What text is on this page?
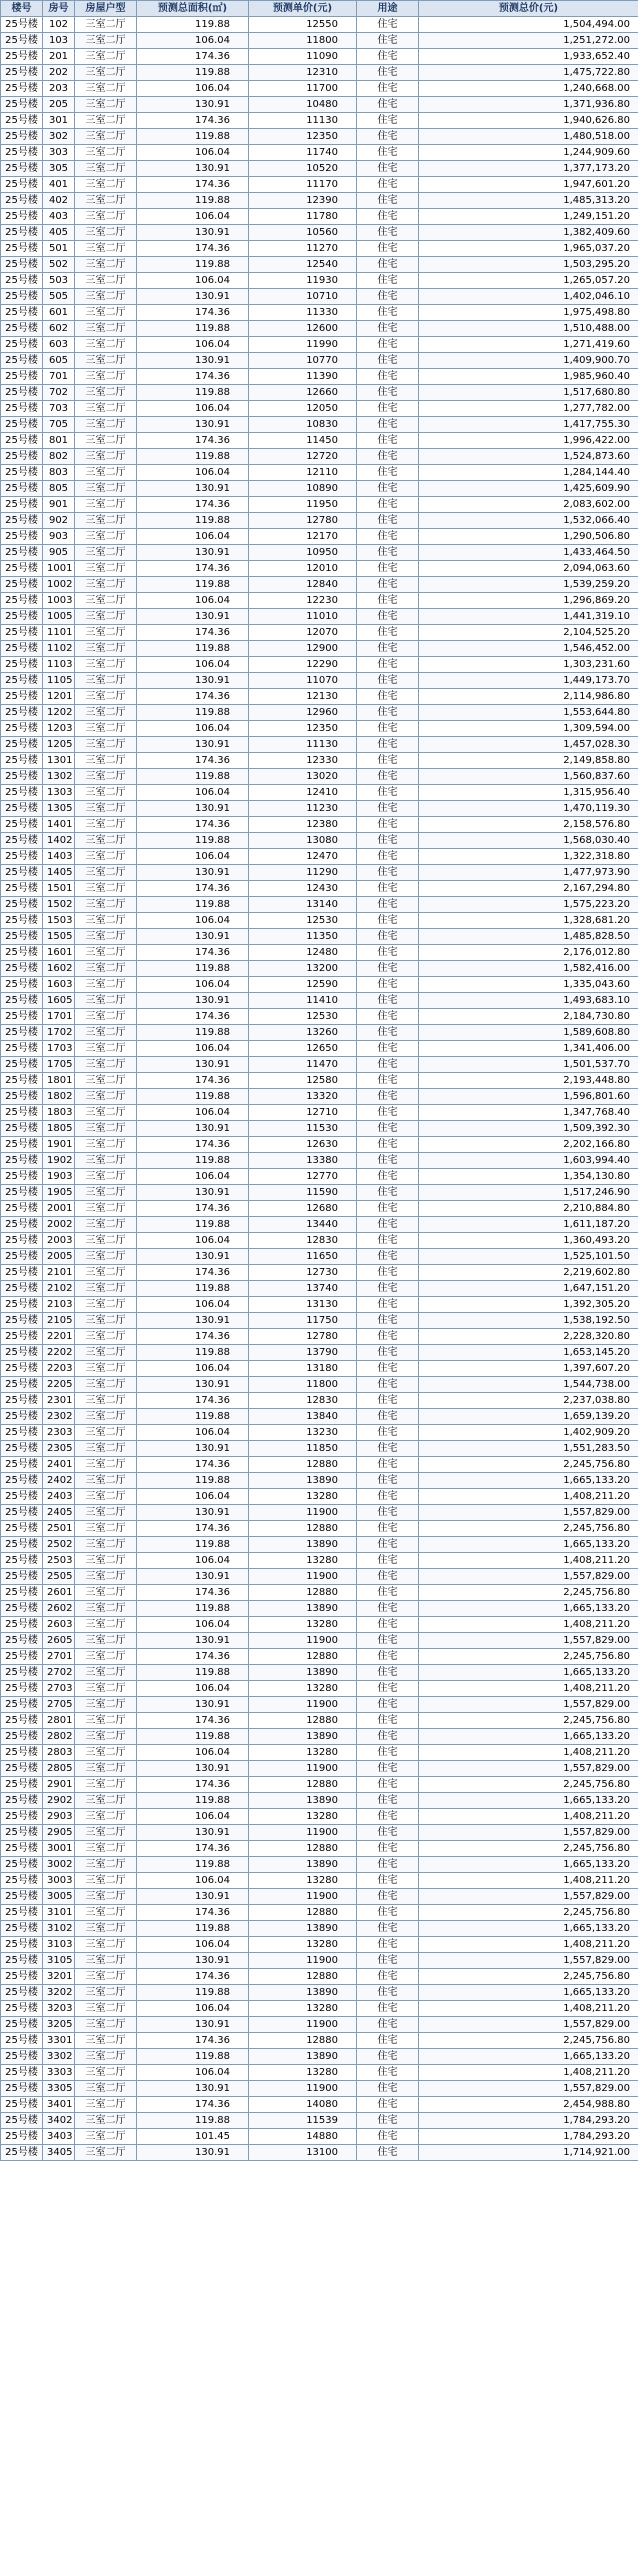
楼号	房号	房屋户型	预测总面积(㎡)	预测单价(元)	用途	预测总价(元)
25号楼	102	三室二厅	119.88	12550	住宅	1,504,494.00
25号楼	103	三室二厅	106.04	11800	住宅	1,251,272.00
25号楼	201	三室二厅	174.36	11090	住宅	1,933,652.40
25号楼	202	三室二厅	119.88	12310	住宅	1,475,722.80
25号楼	203	三室二厅	106.04	11700	住宅	1,240,668.00
25号楼	205	三室二厅	130.91	10480	住宅	1,371,936.80
25号楼	301	三室二厅	174.36	11130	住宅	1,940,626.80
25号楼	302	三室二厅	119.88	12350	住宅	1,480,518.00
25号楼	303	三室二厅	106.04	11740	住宅	1,244,909.60
25号楼	305	三室二厅	130.91	10520	住宅	1,377,173.20
25号楼	401	三室二厅	174.36	11170	住宅	1,947,601.20
25号楼	402	三室二厅	119.88	12390	住宅	1,485,313.20
25号楼	403	三室二厅	106.04	11780	住宅	1,249,151.20
25号楼	405	三室二厅	130.91	10560	住宅	1,382,409.60
25号楼	501	三室二厅	174.36	11270	住宅	1,965,037.20
25号楼	502	三室二厅	119.88	12540	住宅	1,503,295.20
25号楼	503	三室二厅	106.04	11930	住宅	1,265,057.20
25号楼	505	三室二厅	130.91	10710	住宅	1,402,046.10
25号楼	601	三室二厅	174.36	11330	住宅	1,975,498.80
25号楼	602	三室二厅	119.88	12600	住宅	1,510,488.00
25号楼	603	三室二厅	106.04	11990	住宅	1,271,419.60
25号楼	605	三室二厅	130.91	10770	住宅	1,409,900.70
25号楼	701	三室二厅	174.36	11390	住宅	1,985,960.40
25号楼	702	三室二厅	119.88	12660	住宅	1,517,680.80
25号楼	703	三室二厅	106.04	12050	住宅	1,277,782.00
25号楼	705	三室二厅	130.91	10830	住宅	1,417,755.30
25号楼	801	三室二厅	174.36	11450	住宅	1,996,422.00
25号楼	802	三室二厅	119.88	12720	住宅	1,524,873.60
25号楼	803	三室二厅	106.04	12110	住宅	1,284,144.40
25号楼	805	三室二厅	130.91	10890	住宅	1,425,609.90
25号楼	901	三室二厅	174.36	11950	住宅	2,083,602.00
25号楼	902	三室二厅	119.88	12780	住宅	1,532,066.40
25号楼	903	三室二厅	106.04	12170	住宅	1,290,506.80
25号楼	905	三室二厅	130.91	10950	住宅	1,433,464.50
25号楼	1001	三室二厅	174.36	12010	住宅	2,094,063.60
25号楼	1002	三室二厅	119.88	12840	住宅	1,539,259.20
25号楼	1003	三室二厅	106.04	12230	住宅	1,296,869.20
25号楼	1005	三室二厅	130.91	11010	住宅	1,441,319.10
25号楼	1101	三室二厅	174.36	12070	住宅	2,104,525.20
25号楼	1102	三室二厅	119.88	12900	住宅	1,546,452.00
25号楼	1103	三室二厅	106.04	12290	住宅	1,303,231.60
25号楼	1105	三室二厅	130.91	11070	住宅	1,449,173.70
25号楼	1201	三室二厅	174.36	12130	住宅	2,114,986.80
25号楼	1202	三室二厅	119.88	12960	住宅	1,553,644.80
25号楼	1203	三室二厅	106.04	12350	住宅	1,309,594.00
25号楼	1205	三室二厅	130.91	11130	住宅	1,457,028.30
25号楼	1301	三室二厅	174.36	12330	住宅	2,149,858.80
25号楼	1302	三室二厅	119.88	13020	住宅	1,560,837.60
25号楼	1303	三室二厅	106.04	12410	住宅	1,315,956.40
25号楼	1305	三室二厅	130.91	11230	住宅	1,470,119.30
25号楼	1401	三室二厅	174.36	12380	住宅	2,158,576.80
25号楼	1402	三室二厅	119.88	13080	住宅	1,568,030.40
25号楼	1403	三室二厅	106.04	12470	住宅	1,322,318.80
25号楼	1405	三室二厅	130.91	11290	住宅	1,477,973.90
25号楼	1501	三室二厅	174.36	12430	住宅	2,167,294.80
25号楼	1502	三室二厅	119.88	13140	住宅	1,575,223.20
25号楼	1503	三室二厅	106.04	12530	住宅	1,328,681.20
25号楼	1505	三室二厅	130.91	11350	住宅	1,485,828.50
25号楼	1601	三室二厅	174.36	12480	住宅	2,176,012.80
25号楼	1602	三室二厅	119.88	13200	住宅	1,582,416.00
25号楼	1603	三室二厅	106.04	12590	住宅	1,335,043.60
25号楼	1605	三室二厅	130.91	11410	住宅	1,493,683.10
25号楼	1701	三室二厅	174.36	12530	住宅	2,184,730.80
25号楼	1702	三室二厅	119.88	13260	住宅	1,589,608.80
25号楼	1703	三室二厅	106.04	12650	住宅	1,341,406.00
25号楼	1705	三室二厅	130.91	11470	住宅	1,501,537.70
25号楼	1801	三室二厅	174.36	12580	住宅	2,193,448.80
25号楼	1802	三室二厅	119.88	13320	住宅	1,596,801.60
25号楼	1803	三室二厅	106.04	12710	住宅	1,347,768.40
25号楼	1805	三室二厅	130.91	11530	住宅	1,509,392.30
25号楼	1901	三室二厅	174.36	12630	住宅	2,202,166.80
25号楼	1902	三室二厅	119.88	13380	住宅	1,603,994.40
25号楼	1903	三室二厅	106.04	12770	住宅	1,354,130.80
25号楼	1905	三室二厅	130.91	11590	住宅	1,517,246.90
25号楼	2001	三室二厅	174.36	12680	住宅	2,210,884.80
25号楼	2002	三室二厅	119.88	13440	住宅	1,611,187.20
25号楼	2003	三室二厅	106.04	12830	住宅	1,360,493.20
25号楼	2005	三室二厅	130.91	11650	住宅	1,525,101.50
25号楼	2101	三室二厅	174.36	12730	住宅	2,219,602.80
25号楼	2102	三室二厅	119.88	13740	住宅	1,647,151.20
25号楼	2103	三室二厅	106.04	13130	住宅	1,392,305.20
25号楼	2105	三室二厅	130.91	11750	住宅	1,538,192.50
25号楼	2201	三室二厅	174.36	12780	住宅	2,228,320.80
25号楼	2202	三室二厅	119.88	13790	住宅	1,653,145.20
25号楼	2203	三室二厅	106.04	13180	住宅	1,397,607.20
25号楼	2205	三室二厅	130.91	11800	住宅	1,544,738.00
25号楼	2301	三室二厅	174.36	12830	住宅	2,237,038.80
25号楼	2302	三室二厅	119.88	13840	住宅	1,659,139.20
25号楼	2303	三室二厅	106.04	13230	住宅	1,402,909.20
25号楼	2305	三室二厅	130.91	11850	住宅	1,551,283.50
25号楼	2401	三室二厅	174.36	12880	住宅	2,245,756.80
25号楼	2402	三室二厅	119.88	13890	住宅	1,665,133.20
25号楼	2403	三室二厅	106.04	13280	住宅	1,408,211.20
25号楼	2405	三室二厅	130.91	11900	住宅	1,557,829.00
25号楼	2501	三室二厅	174.36	12880	住宅	2,245,756.80
25号楼	2502	三室二厅	119.88	13890	住宅	1,665,133.20
25号楼	2503	三室二厅	106.04	13280	住宅	1,408,211.20
25号楼	2505	三室二厅	130.91	11900	住宅	1,557,829.00
25号楼	2601	三室二厅	174.36	12880	住宅	2,245,756.80
25号楼	2602	三室二厅	119.88	13890	住宅	1,665,133.20
25号楼	2603	三室二厅	106.04	13280	住宅	1,408,211.20
25号楼	2605	三室二厅	130.91	11900	住宅	1,557,829.00
25号楼	2701	三室二厅	174.36	12880	住宅	2,245,756.80
25号楼	2702	三室二厅	119.88	13890	住宅	1,665,133.20
25号楼	2703	三室二厅	106.04	13280	住宅	1,408,211.20
25号楼	2705	三室二厅	130.91	11900	住宅	1,557,829.00
25号楼	2801	三室二厅	174.36	12880	住宅	2,245,756.80
25号楼	2802	三室二厅	119.88	13890	住宅	1,665,133.20
25号楼	2803	三室二厅	106.04	13280	住宅	1,408,211.20
25号楼	2805	三室二厅	130.91	11900	住宅	1,557,829.00
25号楼	2901	三室二厅	174.36	12880	住宅	2,245,756.80
25号楼	2902	三室二厅	119.88	13890	住宅	1,665,133.20
25号楼	2903	三室二厅	106.04	13280	住宅	1,408,211.20
25号楼	2905	三室二厅	130.91	11900	住宅	1,557,829.00
25号楼	3001	三室二厅	174.36	12880	住宅	2,245,756.80
25号楼	3002	三室二厅	119.88	13890	住宅	1,665,133.20
25号楼	3003	三室二厅	106.04	13280	住宅	1,408,211.20
25号楼	3005	三室二厅	130.91	11900	住宅	1,557,829.00
25号楼	3101	三室二厅	174.36	12880	住宅	2,245,756.80
25号楼	3102	三室二厅	119.88	13890	住宅	1,665,133.20
25号楼	3103	三室二厅	106.04	13280	住宅	1,408,211.20
25号楼	3105	三室二厅	130.91	11900	住宅	1,557,829.00
25号楼	3201	三室二厅	174.36	12880	住宅	2,245,756.80
25号楼	3202	三室二厅	119.88	13890	住宅	1,665,133.20
25号楼	3203	三室二厅	106.04	13280	住宅	1,408,211.20
25号楼	3205	三室二厅	130.91	11900	住宅	1,557,829.00
25号楼	3301	三室二厅	174.36	12880	住宅	2,245,756.80
25号楼	3302	三室二厅	119.88	13890	住宅	1,665,133.20
25号楼	3303	三室二厅	106.04	13280	住宅	1,408,211.20
25号楼	3305	三室二厅	130.91	11900	住宅	1,557,829.00
25号楼	3401	三室二厅	174.36	14080	住宅	2,454,988.80
25号楼	3402	三室二厅	119.88	11539	住宅	1,784,293.20
25号楼	3403	三室二厅	101.45	14880	住宅	1,784,293.20
25号楼	3405	三室二厅	130.91	13100	住宅	1,714,921.00
